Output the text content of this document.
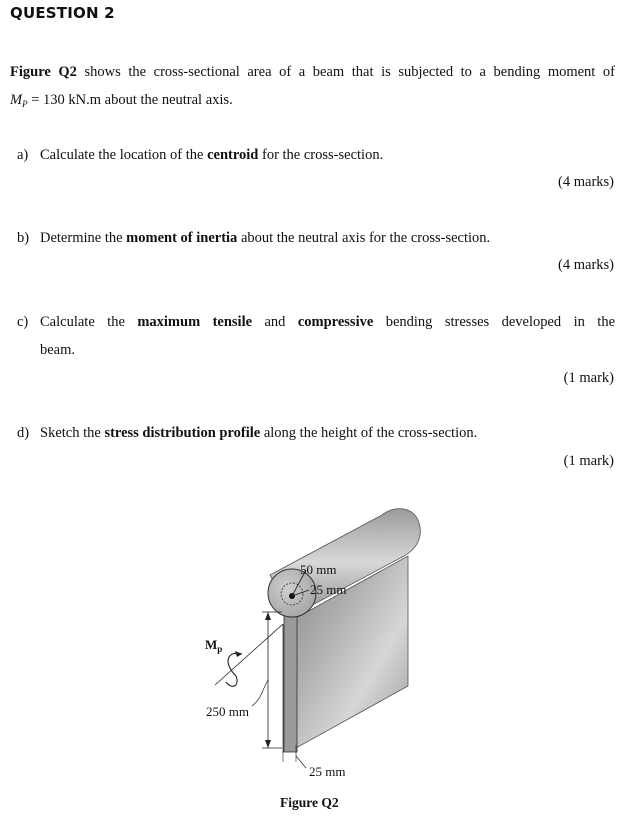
QUESTION 2
Figure Q2 shows the cross-sectional area of a beam that is subjected to a bending moment of
$M_P = 130$ kN.m about the neutral axis.
a) Calculate the location of the centroid for the cross-section.
(4 marks)
b) Determine the moment of inertia about the neutral axis for the cross-section.
(4 marks)
c) Calculate the maximum tensile and compressive bending stresses developed in the
beam.
(1 mark)
d) Sketch the stress distribution profile along the height of the cross-section.
(1 mark)
50 mm
25 mm
$M_p$
250 mm
25 mm
Figure Q2
